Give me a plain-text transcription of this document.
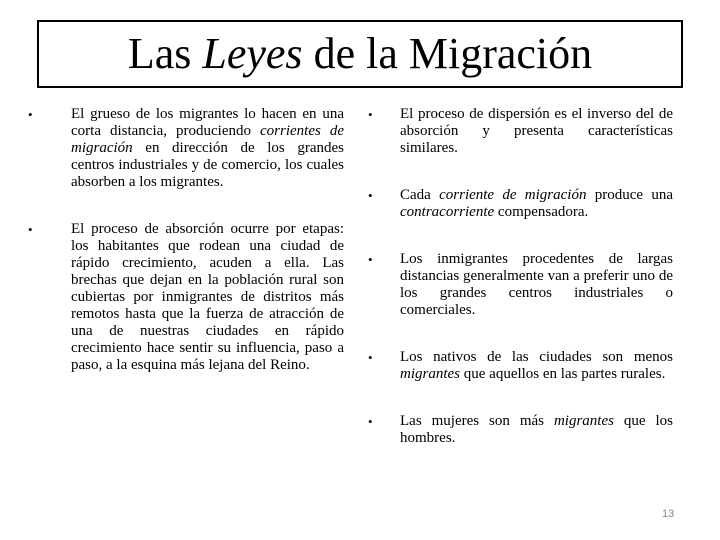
Las Leyes de la Migración
•	El grueso de los migrantes lo hacen en una corta distancia, produciendo corrientes de migración en dirección de los grandes centros industriales y de comercio, los cuales absorben a los migrantes.
•	El proceso de absorción ocurre por etapas: los habitantes que rodean una ciudad de rápido crecimiento, acuden a ella. Las brechas que dejan en la población rural son cubiertas por inmigrantes de distritos más remotos hasta que la fuerza de atracción de una de nuestras ciudades en rápido crecimiento hace sentir su influencia, paso a paso, a la esquina más lejana del Reino.
•	El proceso de dispersión es el inverso del de absorción y presenta características similares.
•	Cada corriente de migración produce una contracorriente compensadora.
•	Los inmigrantes procedentes de largas distancias generalmente van a preferir uno de los grandes centros industriales o comerciales.
•	Los nativos de las ciudades son menos migrantes que aquellos en las partes rurales.
•	Las mujeres son más migrantes que los hombres.
13
